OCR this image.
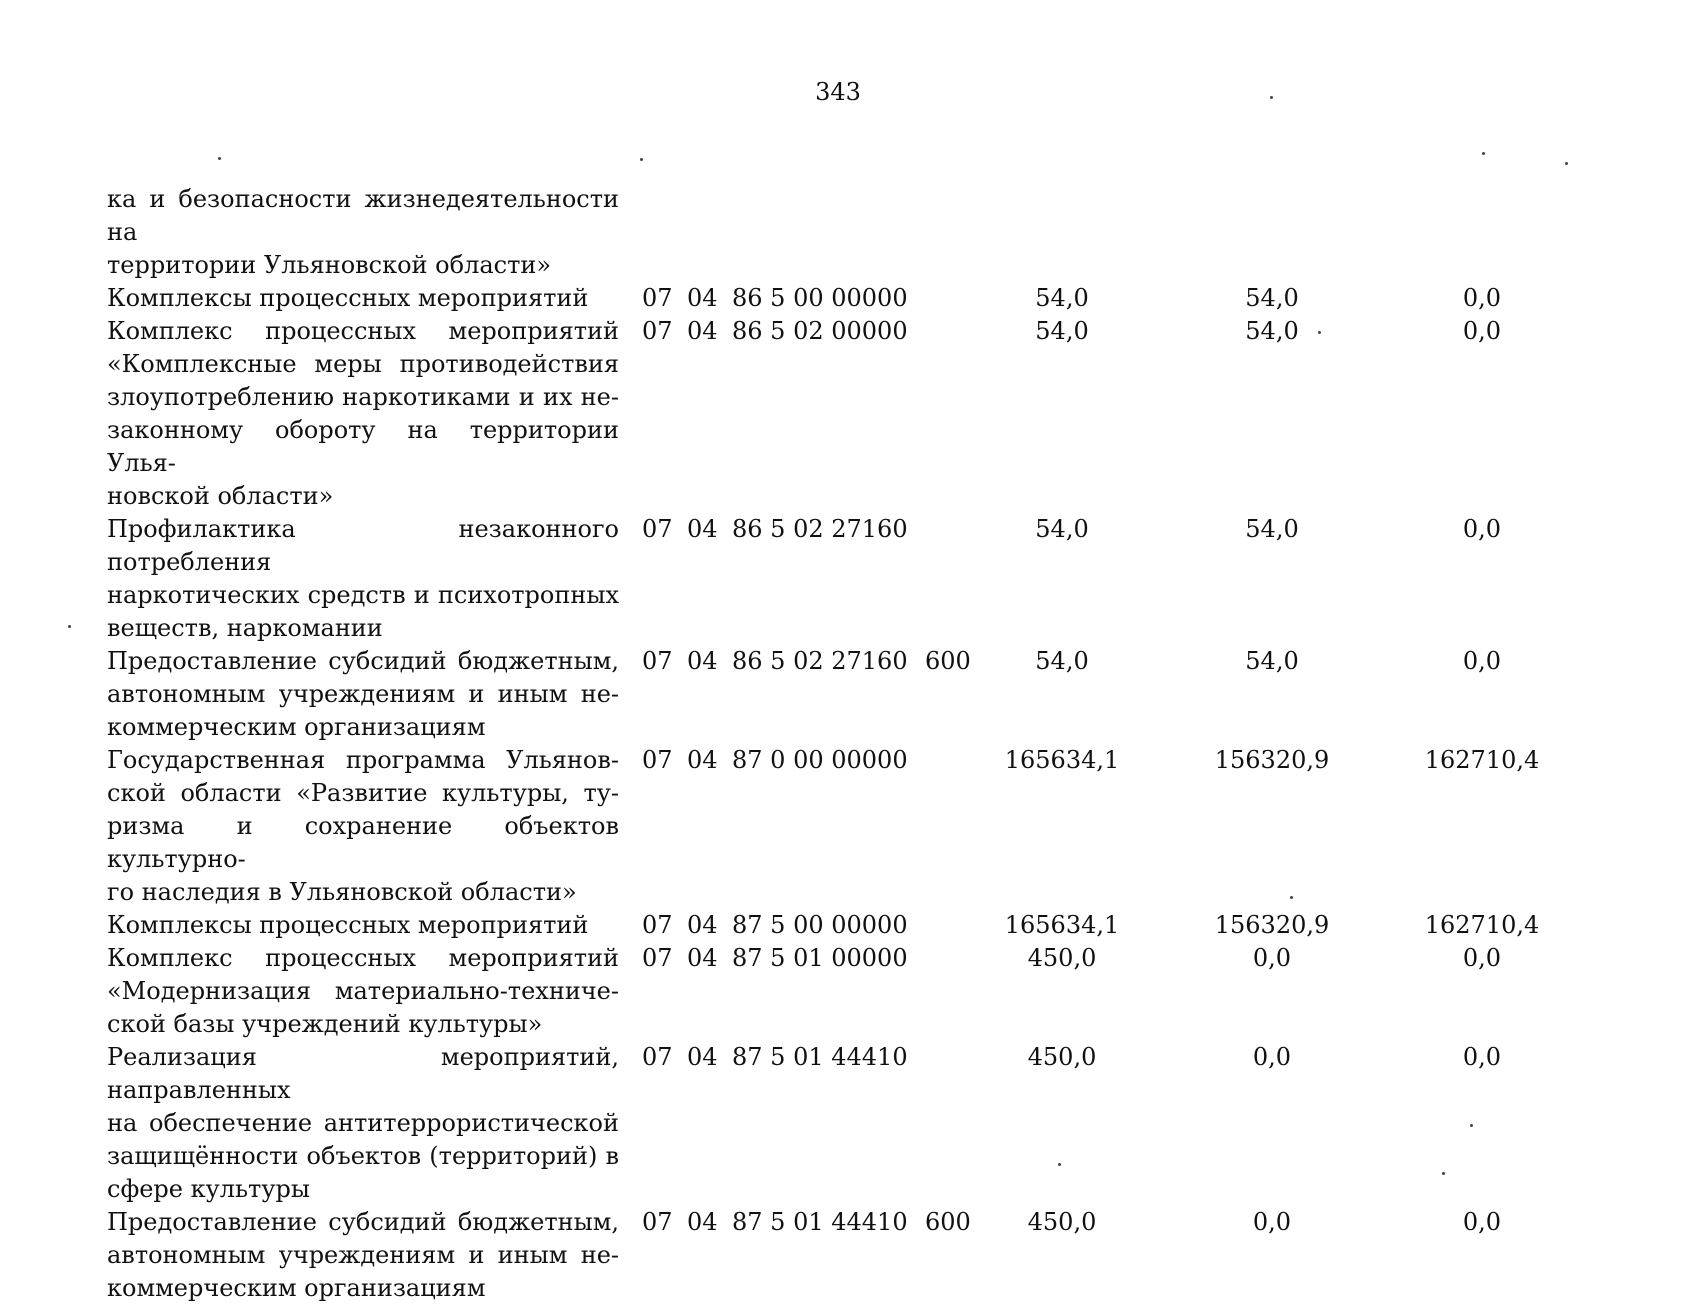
343
ка и безопасности жизнедеятельности на
территории Ульяновской области»
Комплексы процессных мероприятий	07 04 86 5 00 00000	54,0	54,0	0,0
Комплекс процессных мероприятий
«Комплексные меры противодействия
злоупотреблению наркотиками и их не-
законному обороту на территории Улья-
новской области»
07 04 86 5 02 00000	54,0	54,0	0,0
Профилактика незаконного потребления
наркотических средств и психотропных
веществ, наркомании
07 04 86 5 02 27160	54,0	54,0	0,0
Предоставление субсидий бюджетным,
автономным учреждениям и иным не-
коммерческим организациям
07 04 86 5 02 27160 600	54,0	54,0	0,0
Государственная программа Ульянов-
ской области «Развитие культуры, ту-
ризма и сохранение объектов культурно-
го наследия в Ульяновской области»
07 04 87 0 00 00000	165634,1	156320,9	162710,4
Комплексы процессных мероприятий	07 04 87 5 00 00000	165634,1	156320,9	162710,4
Комплекс процессных мероприятий
«Модернизация материально-техниче-
ской базы учреждений культуры»
07 04 87 5 01 00000	450,0	0,0	0,0
Реализация мероприятий, направленных
на обеспечение антитеррористической
защищённости объектов (территорий) в
сфере культуры
07 04 87 5 01 44410	450,0	0,0	0,0
Предоставление субсидий бюджетным,
автономным учреждениям и иным не-
коммерческим организациям
07 04 87 5 01 44410 600	450,0	0,0	0,0
